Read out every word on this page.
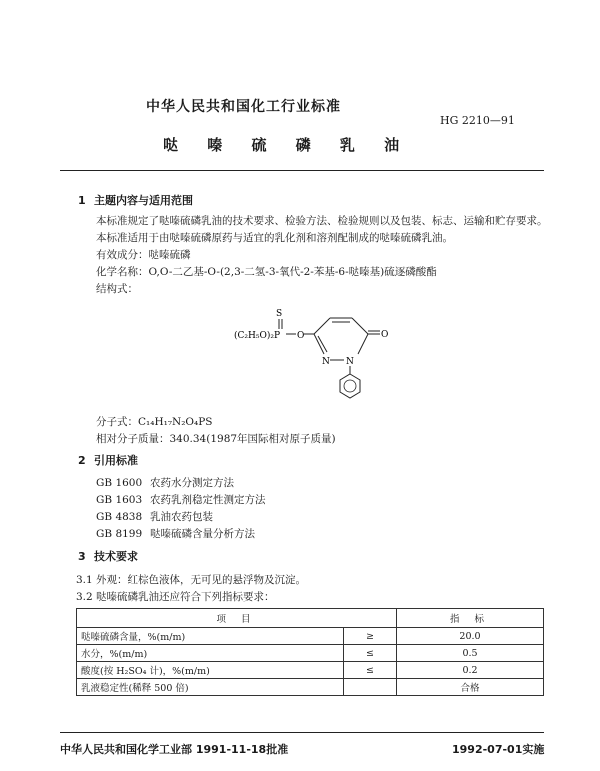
中华人民共和国化工行业标准
HG 2210—91
哒 嗪 硫 磷 乳 油
1 主题内容与适用范围
本标准规定了哒嗪硫磷乳油的技术要求、检验方法、检验规则以及包装、标志、运输和贮存要求。
本标准适用于由哒嗪硫磷原药与适宜的乳化剂和溶剂配制成的哒嗪硫磷乳油。
有效成分：哒嗪硫磷
化学名称：O,O-二乙基-O-(2,3-二氢-3-氧代-2-苯基-6-哒嗪基)硫逐磷酸酯
结构式：
S
(C₂H₅O)₂P O
N N
O
分子式：C₁₄H₁₇N₂O₄PS
相对分子质量：340.34(1987年国际相对原子质量)
2 引用标准
GB 1600 农药水分测定方法
GB 1603 农药乳剂稳定性测定方法
GB 4838 乳油农药包装
GB 8199 哒嗪硫磷含量分析方法
3 技术要求
3.1 外观：红棕色液体，无可见的悬浮物及沉淀。
3.2 哒嗪硫磷乳油还应符合下列指标要求：
项 目		指 标
哒嗪硫磷含量，%(m/m)	≥	20.0
水分，%(m/m)	≤	0.5
酸度(按 H₂SO₄ 计)，%(m/m)	≤	0.2
乳液稳定性(稀释 500 倍)		合格
中华人民共和国化学工业部 1991-11-18批准	1992-07-01实施
